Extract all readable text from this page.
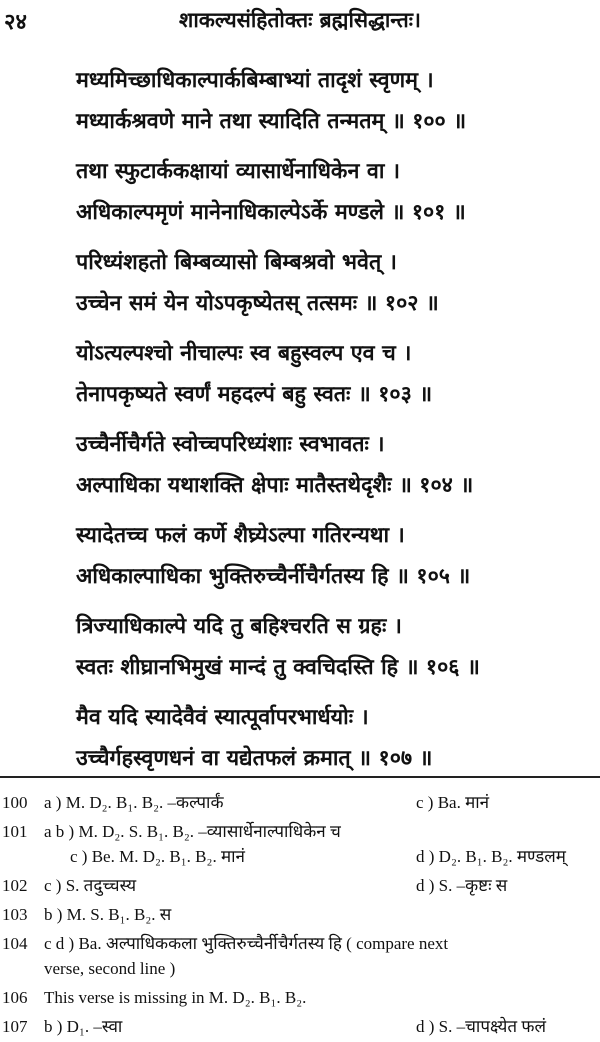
२४	शाकल्यसंहितोक्तः ब्रह्मसिद्धान्तः।
मध्यमिच्छाधिकाल्पार्कबिम्बाभ्यां तादृशं स्वृणम् ।
मध्यार्कश्रवणे माने तथा स्यादिति तन्मतम् ॥ १०० ॥
तथा स्फुटार्ककक्षायां व्यासार्धेनाधिकेन वा ।
अधिकाल्पमृणं मानेनाधिकाल्पेऽर्के मण्डले ॥ १०१ ॥
परिध्यंशहतो बिम्बव्यासो बिम्बश्रवो भवेत् ।
उच्चेन समं येन योऽपकृष्येतस् तत्समः ॥ १०२ ॥
योऽत्यल्पश्चो नीचाल्पः स्व बहुस्वल्प एव च ।
तेनापकृष्यते स्वर्णं महदल्पं बहु स्वतः ॥ १०३ ॥
उच्चैर्नीचैर्गते स्वोच्चपरिध्यंशाः स्वभावतः ।
अल्पाधिका यथाशक्ति क्षेपाः मातैस्तथेदृशैः ॥ १०४ ॥
स्यादेतच्च फलं कर्णे शैघ्र्येऽल्पा गतिरन्यथा ।
अधिकाल्पाधिका भुक्तिरुच्चैर्नीचैर्गतस्य हि ॥ १०५ ॥
त्रिज्याधिकाल्पे यदि तु बहिश्चरति स ग्रहः ।
स्वतः शीघ्रानभिमुखं मान्दं तु क्वचिदस्ति हि ॥ १०६ ॥
मैव यदि स्यादेवैवं स्यात्पूर्वापरभार्धयोः ।
उच्चैर्गहस्वृणधनं वा यद्येतफलं क्रमात् ॥ १०७ ॥
100 a ) M. D₂. B₁. B₂. –कल्पार्कं	c ) Ba. मानं
101 a b ) M. D₂. S. B₁. B₂. –व्यासार्धेनाल्पाधिकेन च
c ) Be. M. D₂. B₁. B₂. मानं	d ) D₂. B₁. B₂. मण्डलम्
102 c ) S. तदुच्चस्य	d ) S. –कृष्टः स
103 b ) M. S. B₁. B₂. स
104 c d ) Ba. अल्पाधिककला भुक्तिरुच्चैर्नीचैर्गतस्य हि ( compare next
verse, second line )
106 This verse is missing in M. D₂. B₁. B₂.
107 b ) D₁. –स्वा	d ) S. –चापक्ष्येत फलं
